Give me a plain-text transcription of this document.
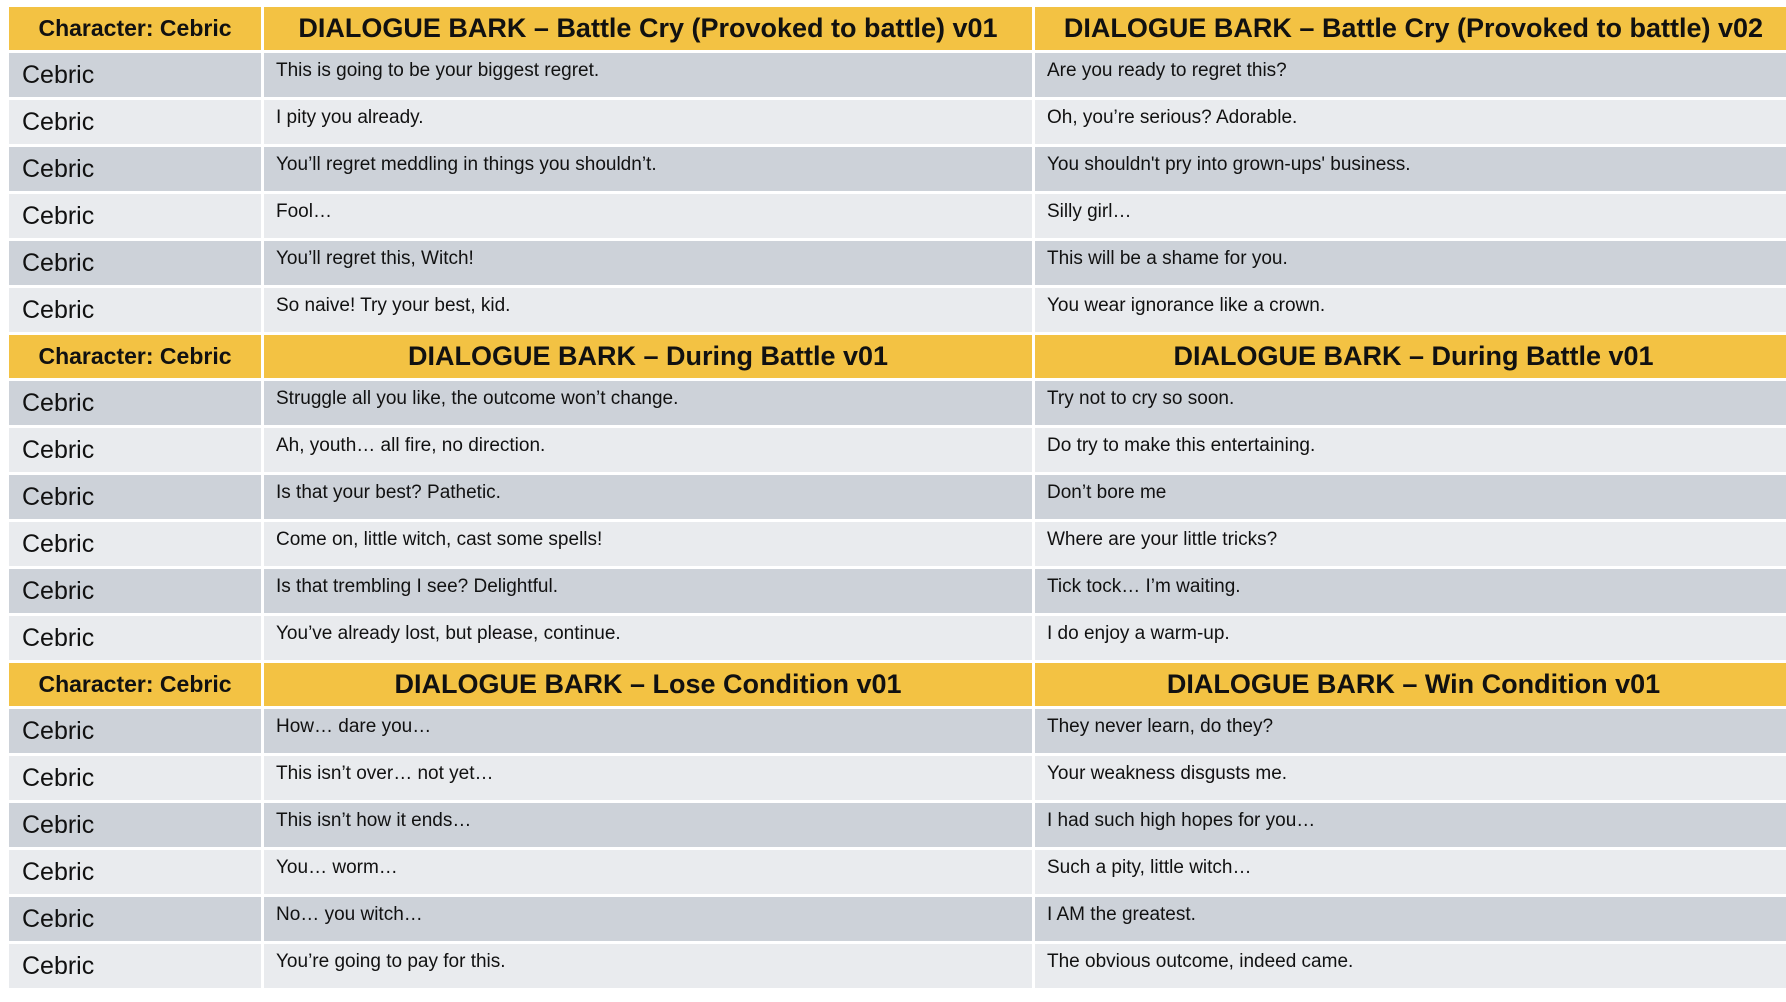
Character: Cebric	DIALOGUE BARK – Battle Cry (Provoked to battle) v01	DIALOGUE BARK – Battle Cry (Provoked to battle) v02
Cebric	This is going to be your biggest regret.	Are you ready to regret this?
Cebric	I pity you already.	Oh, you’re serious? Adorable.
Cebric	You’ll regret meddling in things you shouldn’t.	You shouldn't pry into grown-ups' business.
Cebric	Fool…	Silly girl…
Cebric	You’ll regret this, Witch!	This will be a shame for you.
Cebric	So naive! Try your best, kid.	You wear ignorance like a crown.
Character: Cebric	DIALOGUE BARK – During Battle v01	DIALOGUE BARK – During Battle v01
Cebric	Struggle all you like, the outcome won’t change.	Try not to cry so soon.
Cebric	Ah, youth… all fire, no direction.	Do try to make this entertaining.
Cebric	Is that your best? Pathetic.	Don’t bore me
Cebric	Come on, little witch, cast some spells!	Where are your little tricks?
Cebric	Is that trembling I see? Delightful.	Tick tock… I’m waiting.
Cebric	You’ve already lost, but please, continue.	I do enjoy a warm-up.
Character: Cebric	DIALOGUE BARK – Lose Condition v01	DIALOGUE BARK – Win Condition v01
Cebric	How… dare you…	They never learn, do they?
Cebric	This isn’t over… not yet…	Your weakness disgusts me.
Cebric	This isn’t how it ends…	I had such high hopes for you…
Cebric	You… worm…	Such a pity, little witch…
Cebric	No… you witch…	I AM the greatest.
Cebric	You’re going to pay for this.	The obvious outcome, indeed came.
